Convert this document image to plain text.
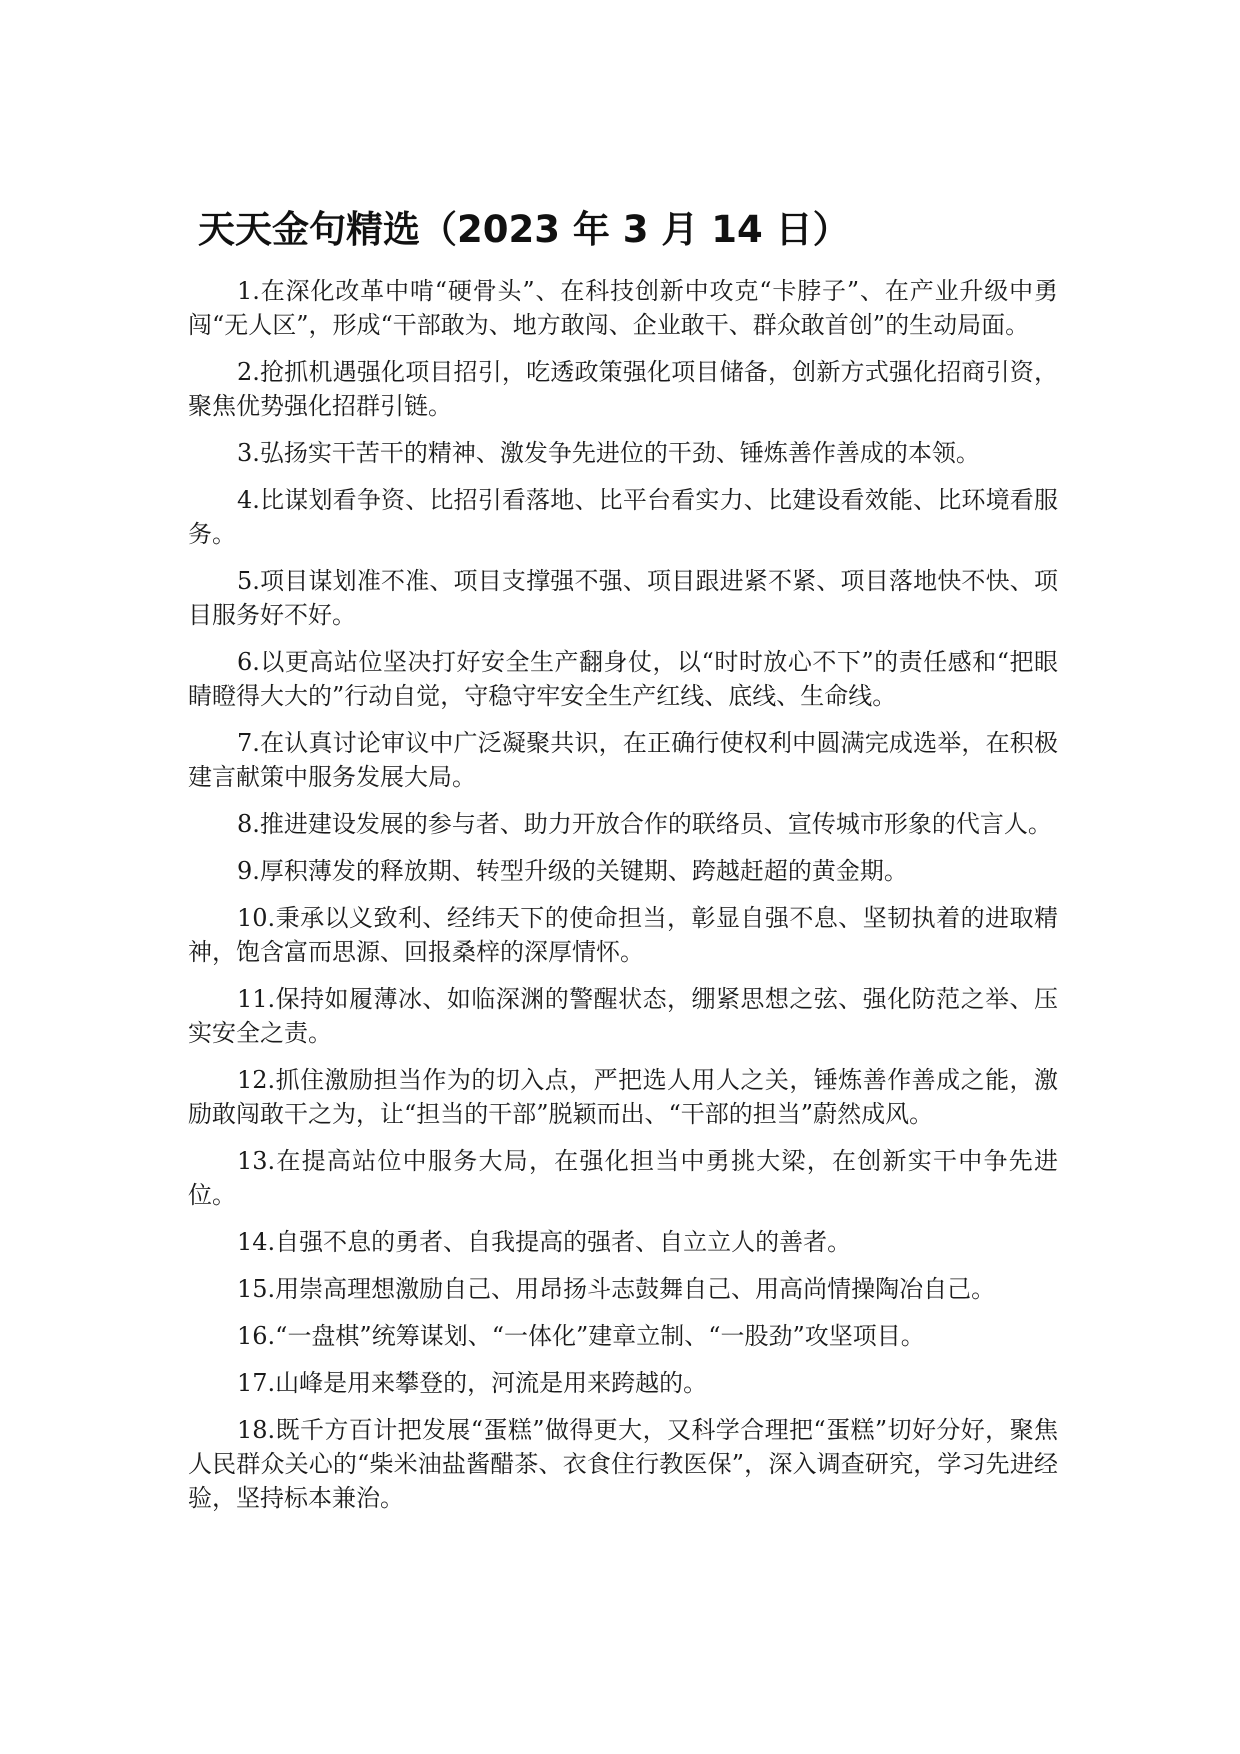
天天金句精选（2023 年 3 月 14 日）

1.在深化改革中啃“硬骨头”、在科技创新中攻克“卡脖子”、在产业升级中勇闯“无人区”，形成“干部敢为、地方敢闯、企业敢干、群众敢首创”的生动局面。

2.抢抓机遇强化项目招引，吃透政策强化项目储备，创新方式强化招商引资，聚焦优势强化招群引链。

3.弘扬实干苦干的精神、激发争先进位的干劲、锤炼善作善成的本领。

4.比谋划看争资、比招引看落地、比平台看实力、比建设看效能、比环境看服务。

5.项目谋划准不准、项目支撑强不强、项目跟进紧不紧、项目落地快不快、项目服务好不好。

6.以更高站位坚决打好安全生产翻身仗，以“时时放心不下”的责任感和“把眼睛瞪得大大的”行动自觉，守稳守牢安全生产红线、底线、生命线。

7.在认真讨论审议中广泛凝聚共识，在正确行使权利中圆满完成选举，在积极建言献策中服务发展大局。

8.推进建设发展的参与者、助力开放合作的联络员、宣传城市形象的代言人。

9.厚积薄发的释放期、转型升级的关键期、跨越赶超的黄金期。

10.秉承以义致利、经纬天下的使命担当，彰显自强不息、坚韧执着的进取精神，饱含富而思源、回报桑梓的深厚情怀。

11.保持如履薄冰、如临深渊的警醒状态，绷紧思想之弦、强化防范之举、压实安全之责。

12.抓住激励担当作为的切入点，严把选人用人之关，锤炼善作善成之能，激励敢闯敢干之为，让“担当的干部”脱颖而出、“干部的担当”蔚然成风。

13.在提高站位中服务大局，在强化担当中勇挑大梁，在创新实干中争先进位。

14.自强不息的勇者、自我提高的强者、自立立人的善者。

15.用崇高理想激励自己、用昂扬斗志鼓舞自己、用高尚情操陶冶自己。

16.“一盘棋”统筹谋划、“一体化”建章立制、“一股劲”攻坚项目。

17.山峰是用来攀登的，河流是用来跨越的。

18.既千方百计把发展“蛋糕”做得更大，又科学合理把“蛋糕”切好分好，聚焦人民群众关心的“柴米油盐酱醋茶、衣食住行教医保”，深入调查研究，学习先进经验，坚持标本兼治。
